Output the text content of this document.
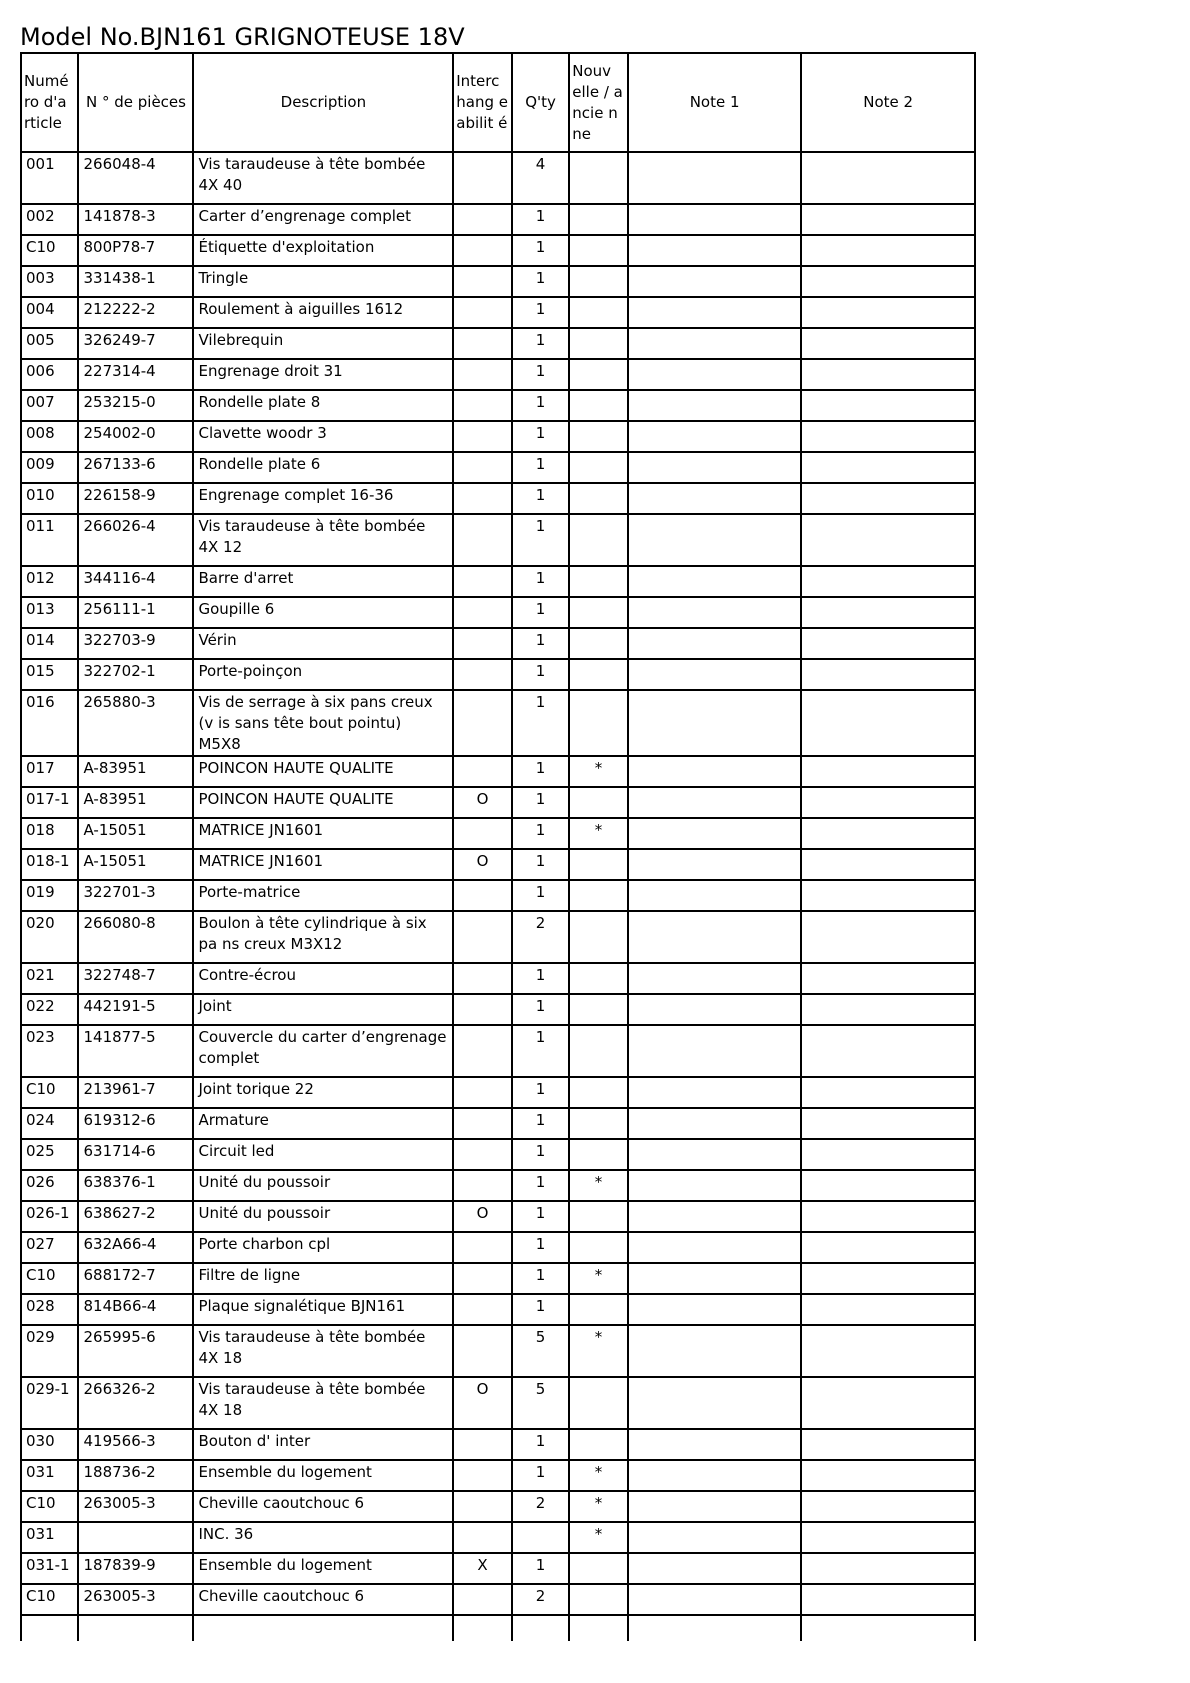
Model No.BJN161 GRIGNOTEUSE 18V
Numé ro d'a rticle	N ° de pièces	Description	Interc hang eabilit é	Q'ty	Nouv elle / ancie nne	Note 1	Note 2
001	266048-4	Vis taraudeuse à tête bombée 4X 40		4			
002	141878-3	Carter d’engrenage complet		1			
C10	800P78-7	Étiquette d'exploitation		1			
003	331438-1	Tringle		1			
004	212222-2	Roulement à aiguilles 1612		1			
005	326249-7	Vilebrequin		1			
006	227314-4	Engrenage droit 31		1			
007	253215-0	Rondelle plate 8		1			
008	254002-0	Clavette woodr 3		1			
009	267133-6	Rondelle plate 6		1			
010	226158-9	Engrenage complet 16-36		1			
011	266026-4	Vis taraudeuse à tête bombée 4X 12		1			
012	344116-4	Barre d'arret		1			
013	256111-1	Goupille 6		1			
014	322703-9	Vérin		1			
015	322702-1	Porte-poinçon		1			
016	265880-3	Vis de serrage à six pans creux (v is sans tête bout pointu) M5X8		1			
017	A-83951	POINCON HAUTE QUALITE		1	*		
017-1	A-83951	POINCON HAUTE QUALITE	O	1			
018	A-15051	MATRICE JN1601		1	*		
018-1	A-15051	MATRICE JN1601	O	1			
019	322701-3	Porte-matrice		1			
020	266080-8	Boulon à tête cylindrique à six pa ns creux M3X12		2			
021	322748-7	Contre-écrou		1			
022	442191-5	Joint		1			
023	141877-5	Couvercle du carter d’engrenage complet		1			
C10	213961-7	Joint torique 22		1			
024	619312-6	Armature		1			
025	631714-6	Circuit led		1			
026	638376-1	Unité du poussoir		1	*		
026-1	638627-2	Unité du poussoir	O	1			
027	632A66-4	Porte charbon cpl		1			
C10	688172-7	Filtre de ligne		1	*		
028	814B66-4	Plaque signalétique BJN161		1			
029	265995-6	Vis taraudeuse à tête bombée 4X 18		5	*		
029-1	266326-2	Vis taraudeuse à tête bombée 4X 18	O	5			
030	419566-3	Bouton d' inter		1			
031	188736-2	Ensemble du logement		1	*		
C10	263005-3	Cheville caoutchouc 6		2	*		
031		INC. 36			*		
031-1	187839-9	Ensemble du logement	X	1			
C10	263005-3	Cheville caoutchouc 6		2			
